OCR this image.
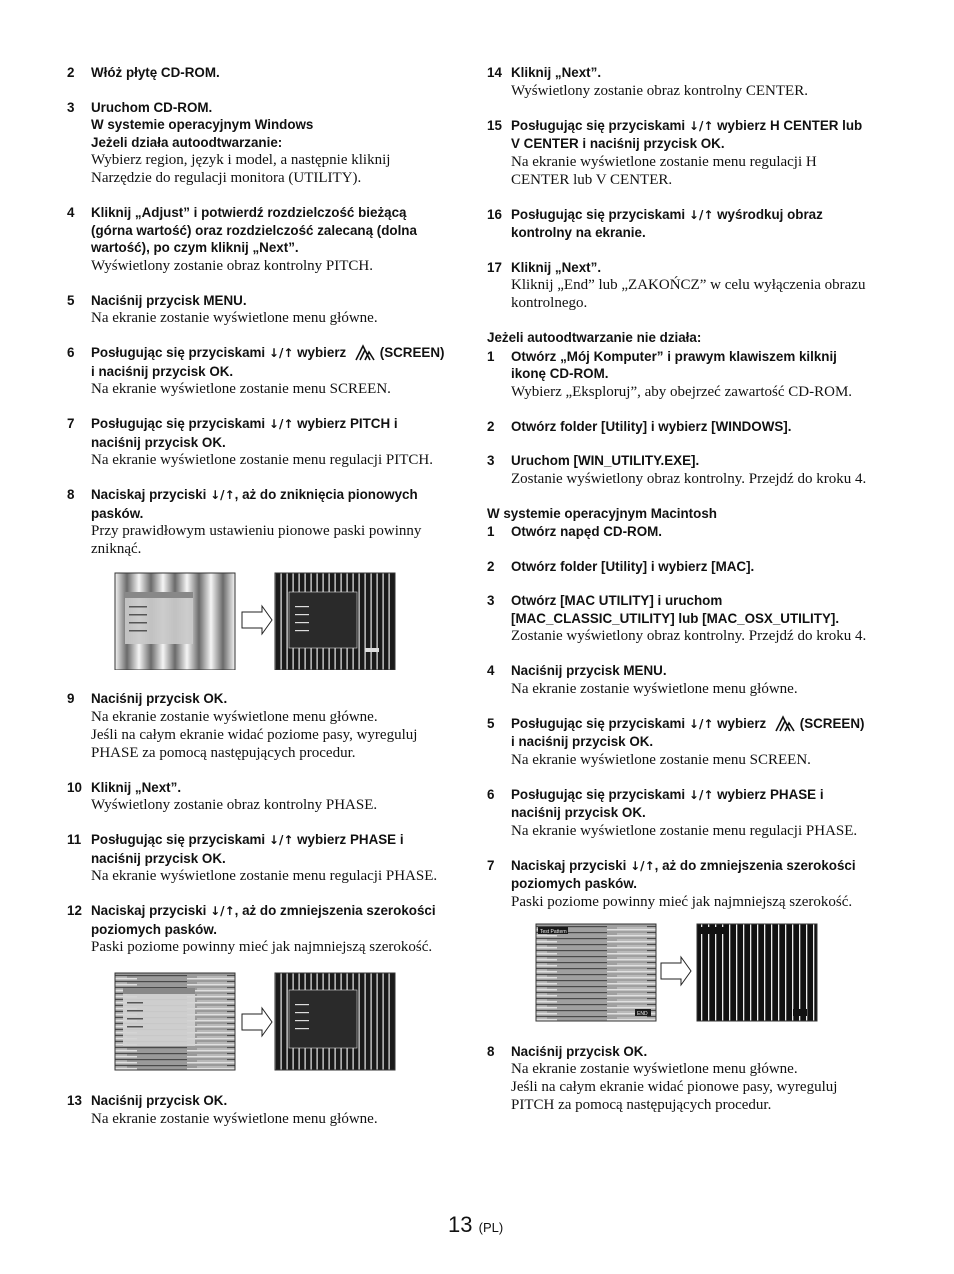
2 Włóż płytę CD-ROM.
3 Uruchom CD-ROM.
W systemie operacyjnym Windows
Jeżeli działa autoodtwarzanie:
Wybierz region, język i model, a następnie kliknij Narzędzie do regulacji monitora (UTILITY).
4 Kliknij „Adjust” i potwierdź rozdzielczość bieżącą (górna wartość) oraz rozdzielczość zalecaną (dolna wartość), po czym kliknij „Next”.
Wyświetlony zostanie obraz kontrolny PITCH.
5 Naciśnij przycisk MENU.
Na ekranie zostanie wyświetlone menu główne.
6 Posługując się przyciskami ↓/↑ wybierz (SCREEN) i naciśnij przycisk OK.
Na ekranie wyświetlone zostanie menu SCREEN.
7 Posługując się przyciskami ↓/↑ wybierz PITCH i naciśnij przycisk OK.
Na ekranie wyświetlone zostanie menu regulacji PITCH.
8 Naciskaj przyciski ↓/↑, aż do zniknięcia pionowych pasków.
Przy prawidłowym ustawieniu pionowe paski powinny zniknąć.
9 Naciśnij przycisk OK.
Na ekranie zostanie wyświetlone menu główne.
Jeśli na całym ekranie widać poziome pasy, wyreguluj PHASE za pomocą następujących procedur.
10 Kliknij „Next”.
Wyświetlony zostanie obraz kontrolny PHASE.
11 Posługując się przyciskami ↓/↑ wybierz PHASE i naciśnij przycisk OK.
Na ekranie wyświetlone zostanie menu regulacji PHASE.
12 Naciskaj przyciski ↓/↑, aż do zmniejszenia szerokości poziomych pasków.
Paski poziome powinny mieć jak najmniejszą szerokość.
13 Naciśnij przycisk OK.
Na ekranie zostanie wyświetlone menu główne.
14 Kliknij „Next”.
Wyświetlony zostanie obraz kontrolny CENTER.
15 Posługując się przyciskami ↓/↑ wybierz H CENTER lub V CENTER i naciśnij przycisk OK.
Na ekranie wyświetlone zostanie menu regulacji H CENTER lub V CENTER.
16 Posługując się przyciskami ↓/↑ wyśrodkuj obraz kontrolny na ekranie.
17 Kliknij „Next”.
Kliknij „End” lub „ZAKOŃCZ” w celu wyłączenia obrazu kontrolnego.
Jeżeli autoodtwarzanie nie działa:
1 Otwórz „Mój Komputer” i prawym klawiszem kilknij ikonę CD-ROM.
Wybierz „Eksploruj”, aby obejrzeć zawartość CD-ROM.
2 Otwórz folder [Utility] i wybierz [WINDOWS].
3 Uruchom [WIN_UTILITY.EXE].
Zostanie wyświetlony obraz kontrolny. Przejdź do kroku 4.
W systemie operacyjnym Macintosh
1 Otwórz napęd CD-ROM.
2 Otwórz folder [Utility] i wybierz [MAC].
3 Otwórz [MAC UTILITY] i uruchom [MAC_CLASSIC_UTILITY] lub [MAC_OSX_UTILITY].
Zostanie wyświetlony obraz kontrolny. Przejdź do kroku 4.
4 Naciśnij przycisk MENU.
Na ekranie zostanie wyświetlone menu główne.
5 Posługując się przyciskami ↓/↑ wybierz (SCREEN) i naciśnij przycisk OK.
Na ekranie wyświetlone zostanie menu SCREEN.
6 Posługując się przyciskami ↓/↑ wybierz PHASE i naciśnij przycisk OK.
Na ekranie wyświetlone zostanie menu regulacji PHASE.
7 Naciskaj przyciski ↓/↑, aż do zmniejszenia szerokości poziomych pasków.
Paski poziome powinny mieć jak najmniejszą szerokość.
Test Pattern
END
8 Naciśnij przycisk OK.
Na ekranie zostanie wyświetlone menu główne.
Jeśli na całym ekranie widać pionowe pasy, wyreguluj PITCH za pomocą następujących procedur.
13 (PL)
